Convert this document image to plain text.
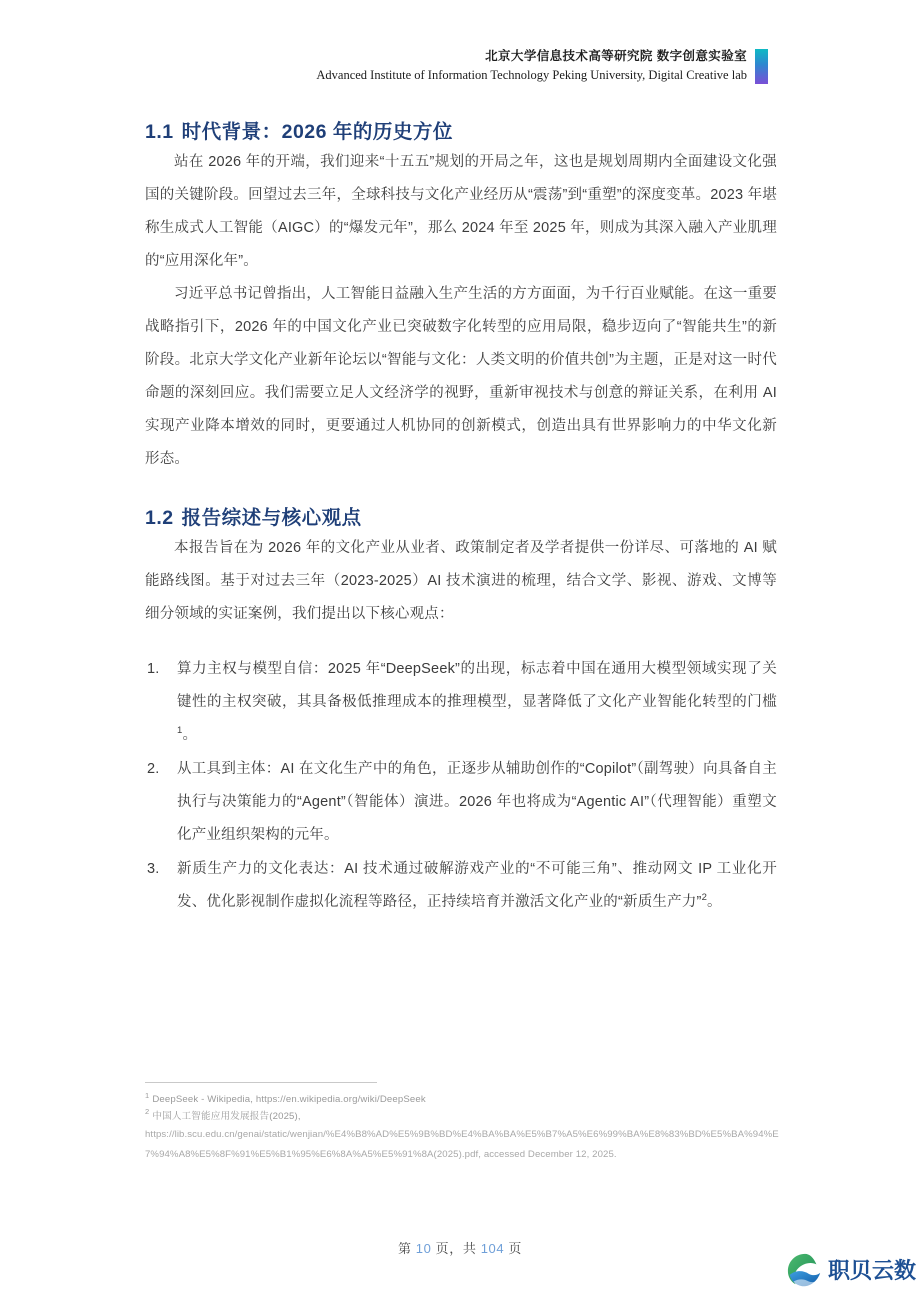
北京大学信息技术高等研究院 数字创意实验室
Advanced Institute of Information Technology Peking University, Digital Creative lab
1.1 时代背景：2026 年的历史方位

站在 2026 年的开端，我们迎来“十五五”规划的开局之年，这也是规划周期内全面建设文化强国的关键阶段。回望过去三年，全球科技与文化产业经历从“震荡”到“重塑”的深度变革。2023 年堪称生成式人工智能（AIGC）的“爆发元年”，那么 2024 年至 2025 年，则成为其深入融入产业肌理的“应用深化年”。

习近平总书记曾指出，人工智能日益融入生产生活的方方面面，为千行百业赋能。在这一重要战略指引下，2026 年的中国文化产业已突破数字化转型的应用局限，稳步迈向了“智能共生”的新阶段。北京大学文化产业新年论坛以“智能与文化：人类文明的价值共创”为主题，正是对这一时代命题的深刻回应。我们需要立足人文经济学的视野，重新审视技术与创意的辩证关系，在利用 AI 实现产业降本增效的同时，更要通过人机协同的创新模式，创造出具有世界影响力的中华文化新形态。

1.2 报告综述与核心观点

本报告旨在为 2026 年的文化产业从业者、政策制定者及学者提供一份详尽、可落地的 AI 赋能路线图。基于对过去三年（2023-2025）AI 技术演进的梳理，结合文学、影视、游戏、文博等细分领域的实证案例，我们提出以下核心观点：

算力主权与模型自信：2025 年“DeepSeek”的出现，标志着中国在通用大模型领域实现了关键性的主权突破，其具备极低推理成本的推理模型，显著降低了文化产业智能化转型的门槛$^1$。
从工具到主体：AI 在文化生产中的角色，正逐步从辅助创作的“Copilot”（副驾驶）向具备自主执行与决策能力的“Agent”（智能体）演进。2026 年也将成为“Agentic AI”（代理智能）重塑文化产业组织架构的元年。
新质生产力的文化表达：AI 技术通过破解游戏产业的“不可能三角”、推动网文 IP 工业化开发、优化影视制作虚拟化流程等路径，正持续培育并激活文化产业的“新质生产力”$^2$。
$^1$ DeepSeek - Wikipedia, https://en.wikipedia.org/wiki/DeepSeek
$^2$ 中国人工智能应用发展报告(2025),
https://lib.scu.edu.cn/genai/static/wenjian/%E4%B8%AD%E5%9B%BD%E4%BA%BA%E5%B7%A5%E6%99%BA%E8%83%BD%E5%BA%94%E7%94%A8%E5%8F%91%E5%B1%95%E6%8A%A5%E5%91%8A(2025).pdf, accessed December 12, 2025.
第 10 页，共 104 页
职贝云数
